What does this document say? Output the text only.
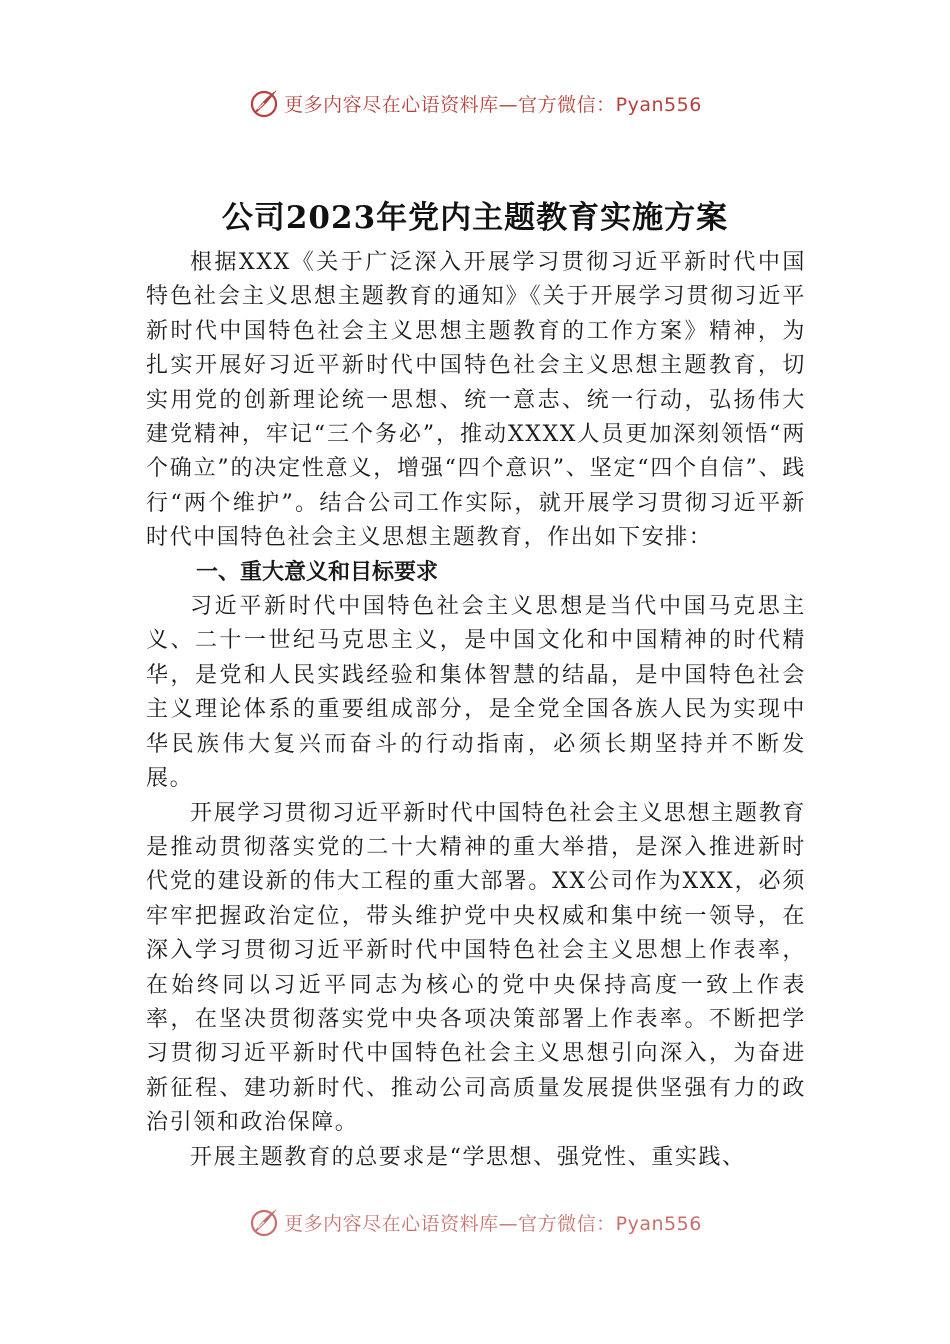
更多内容尽在心语资料库—官方微信：Pyan556
公司2023年党内主题教育实施方案

根据XXX《关于广泛深入开展学习贯彻习近平新时代中国特色社会主义思想主题教育的通知》《关于开展学习贯彻习近平新时代中国特色社会主义思想主题教育的工作方案》精神，为扎实开展好习近平新时代中国特色社会主义思想主题教育，切实用党的创新理论统一思想、统一意志、统一行动，弘扬伟大建党精神，牢记“三个务必”，推动XXXX人员更加深刻领悟“两个确立”的决定性意义，增强“四个意识”、坚定“四个自信”、践行“两个维护”。结合公司工作实际，就开展学习贯彻习近平新时代中国特色社会主义思想主题教育，作出如下安排：

一、重大意义和目标要求

习近平新时代中国特色社会主义思想是当代中国马克思主义、二十一世纪马克思主义，是中国文化和中国精神的时代精华，是党和人民实践经验和集体智慧的结晶，是中国特色社会主义理论体系的重要组成部分，是全党全国各族人民为实现中华民族伟大复兴而奋斗的行动指南，必须长期坚持并不断发展。

开展学习贯彻习近平新时代中国特色社会主义思想主题教育是推动贯彻落实党的二十大精神的重大举措，是深入推进新时代党的建设新的伟大工程的重大部署。XX公司作为XXX，必须牢牢把握政治定位，带头维护党中央权威和集中统一领导，在深入学习贯彻习近平新时代中国特色社会主义思想上作表率，在始终同以习近平同志为核心的党中央保持高度一致上作表率，在坚决贯彻落实党中央各项决策部署上作表率。不断把学习贯彻习近平新时代中国特色社会主义思想引向深入，为奋进新征程、建功新时代、推动公司高质量发展提供坚强有力的政治引领和政治保障。

开展主题教育的总要求是“学思想、强党性、重实践、

更多内容尽在心语资料库—官方微信：Pyan556
